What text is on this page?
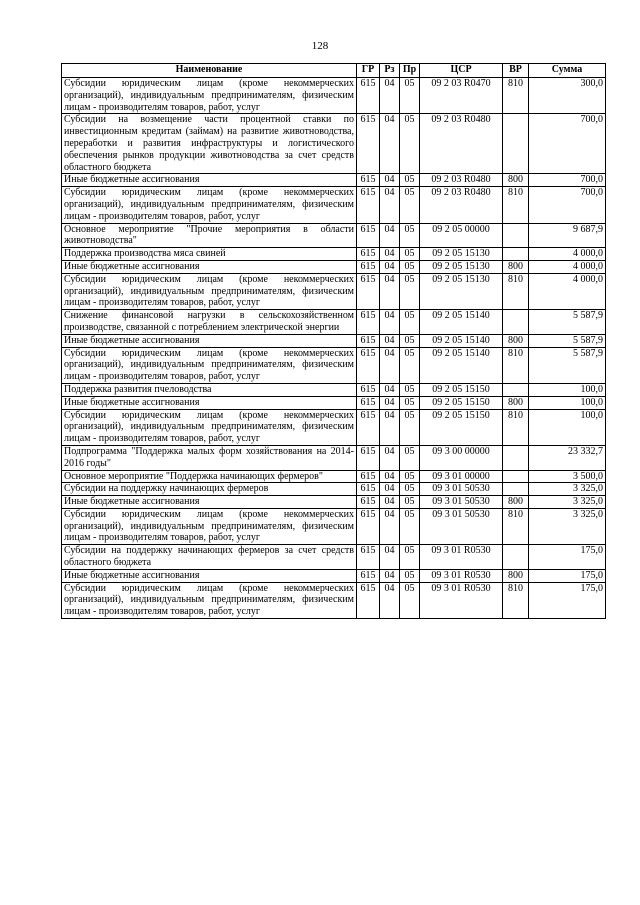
128
Наименование	ГР	Рз	Пр	ЦСР	ВР	Сумма
Субсидии юридическим лицам (кроме некоммерческих организаций), индивидуальным предпринимателям, физическим лицам - производителям товаров, работ, услуг	615	04	05	09 2 03 R0470	810	300,0
Субсидии на возмещение части процентной ставки по инвестиционным кредитам (займам) на развитие животноводства, переработки и развития инфраструктуры и логистического обеспечения рынков продукции животноводства за счет средств областного бюджета	615	04	05	09 2 03 R0480		700,0
Иные бюджетные ассигнования	615	04	05	09 2 03 R0480	800	700,0
Субсидии юридическим лицам (кроме некоммерческих организаций), индивидуальным предпринимателям, физическим лицам - производителям товаров, работ, услуг	615	04	05	09 2 03 R0480	810	700,0
Основное мероприятие "Прочие мероприятия в области животноводства"	615	04	05	09 2 05 00000		9 687,9
Поддержка производства мяса свиней	615	04	05	09 2 05 15130		4 000,0
Иные бюджетные ассигнования	615	04	05	09 2 05 15130	800	4 000,0
Субсидии юридическим лицам (кроме некоммерческих организаций), индивидуальным предпринимателям, физическим лицам - производителям товаров, работ, услуг	615	04	05	09 2 05 15130	810	4 000,0
Снижение финансовой нагрузки в сельскохозяйственном производстве, связанной с потреблением электрической энергии	615	04	05	09 2 05 15140		5 587,9
Иные бюджетные ассигнования	615	04	05	09 2 05 15140	800	5 587,9
Субсидии юридическим лицам (кроме некоммерческих организаций), индивидуальным предпринимателям, физическим лицам - производителям товаров, работ, услуг	615	04	05	09 2 05 15140	810	5 587,9
Поддержка развития пчеловодства	615	04	05	09 2 05 15150		100,0
Иные бюджетные ассигнования	615	04	05	09 2 05 15150	800	100,0
Субсидии юридическим лицам (кроме некоммерческих организаций), индивидуальным предпринимателям, физическим лицам - производителям товаров, работ, услуг	615	04	05	09 2 05 15150	810	100,0
Подпрограмма "Поддержка малых форм хозяйствования на 2014-2016 годы"	615	04	05	09 3 00 00000		23 332,7
Основное мероприятие "Поддержка начинающих фермеров"	615	04	05	09 3 01 00000		3 500,0
Субсидии на поддержку начинающих фермеров	615	04	05	09 3 01 50530		3 325,0
Иные бюджетные ассигнования	615	04	05	09 3 01 50530	800	3 325,0
Субсидии юридическим лицам (кроме некоммерческих организаций), индивидуальным предпринимателям, физическим лицам - производителям товаров, работ, услуг	615	04	05	09 3 01 50530	810	3 325,0
Субсидии на поддержку начинающих фермеров за счет средств областного бюджета	615	04	05	09 3 01 R0530		175,0
Иные бюджетные ассигнования	615	04	05	09 3 01 R0530	800	175,0
Субсидии юридическим лицам (кроме некоммерческих организаций), индивидуальным предпринимателям, физическим лицам - производителям товаров, работ, услуг	615	04	05	09 3 01 R0530	810	175,0
